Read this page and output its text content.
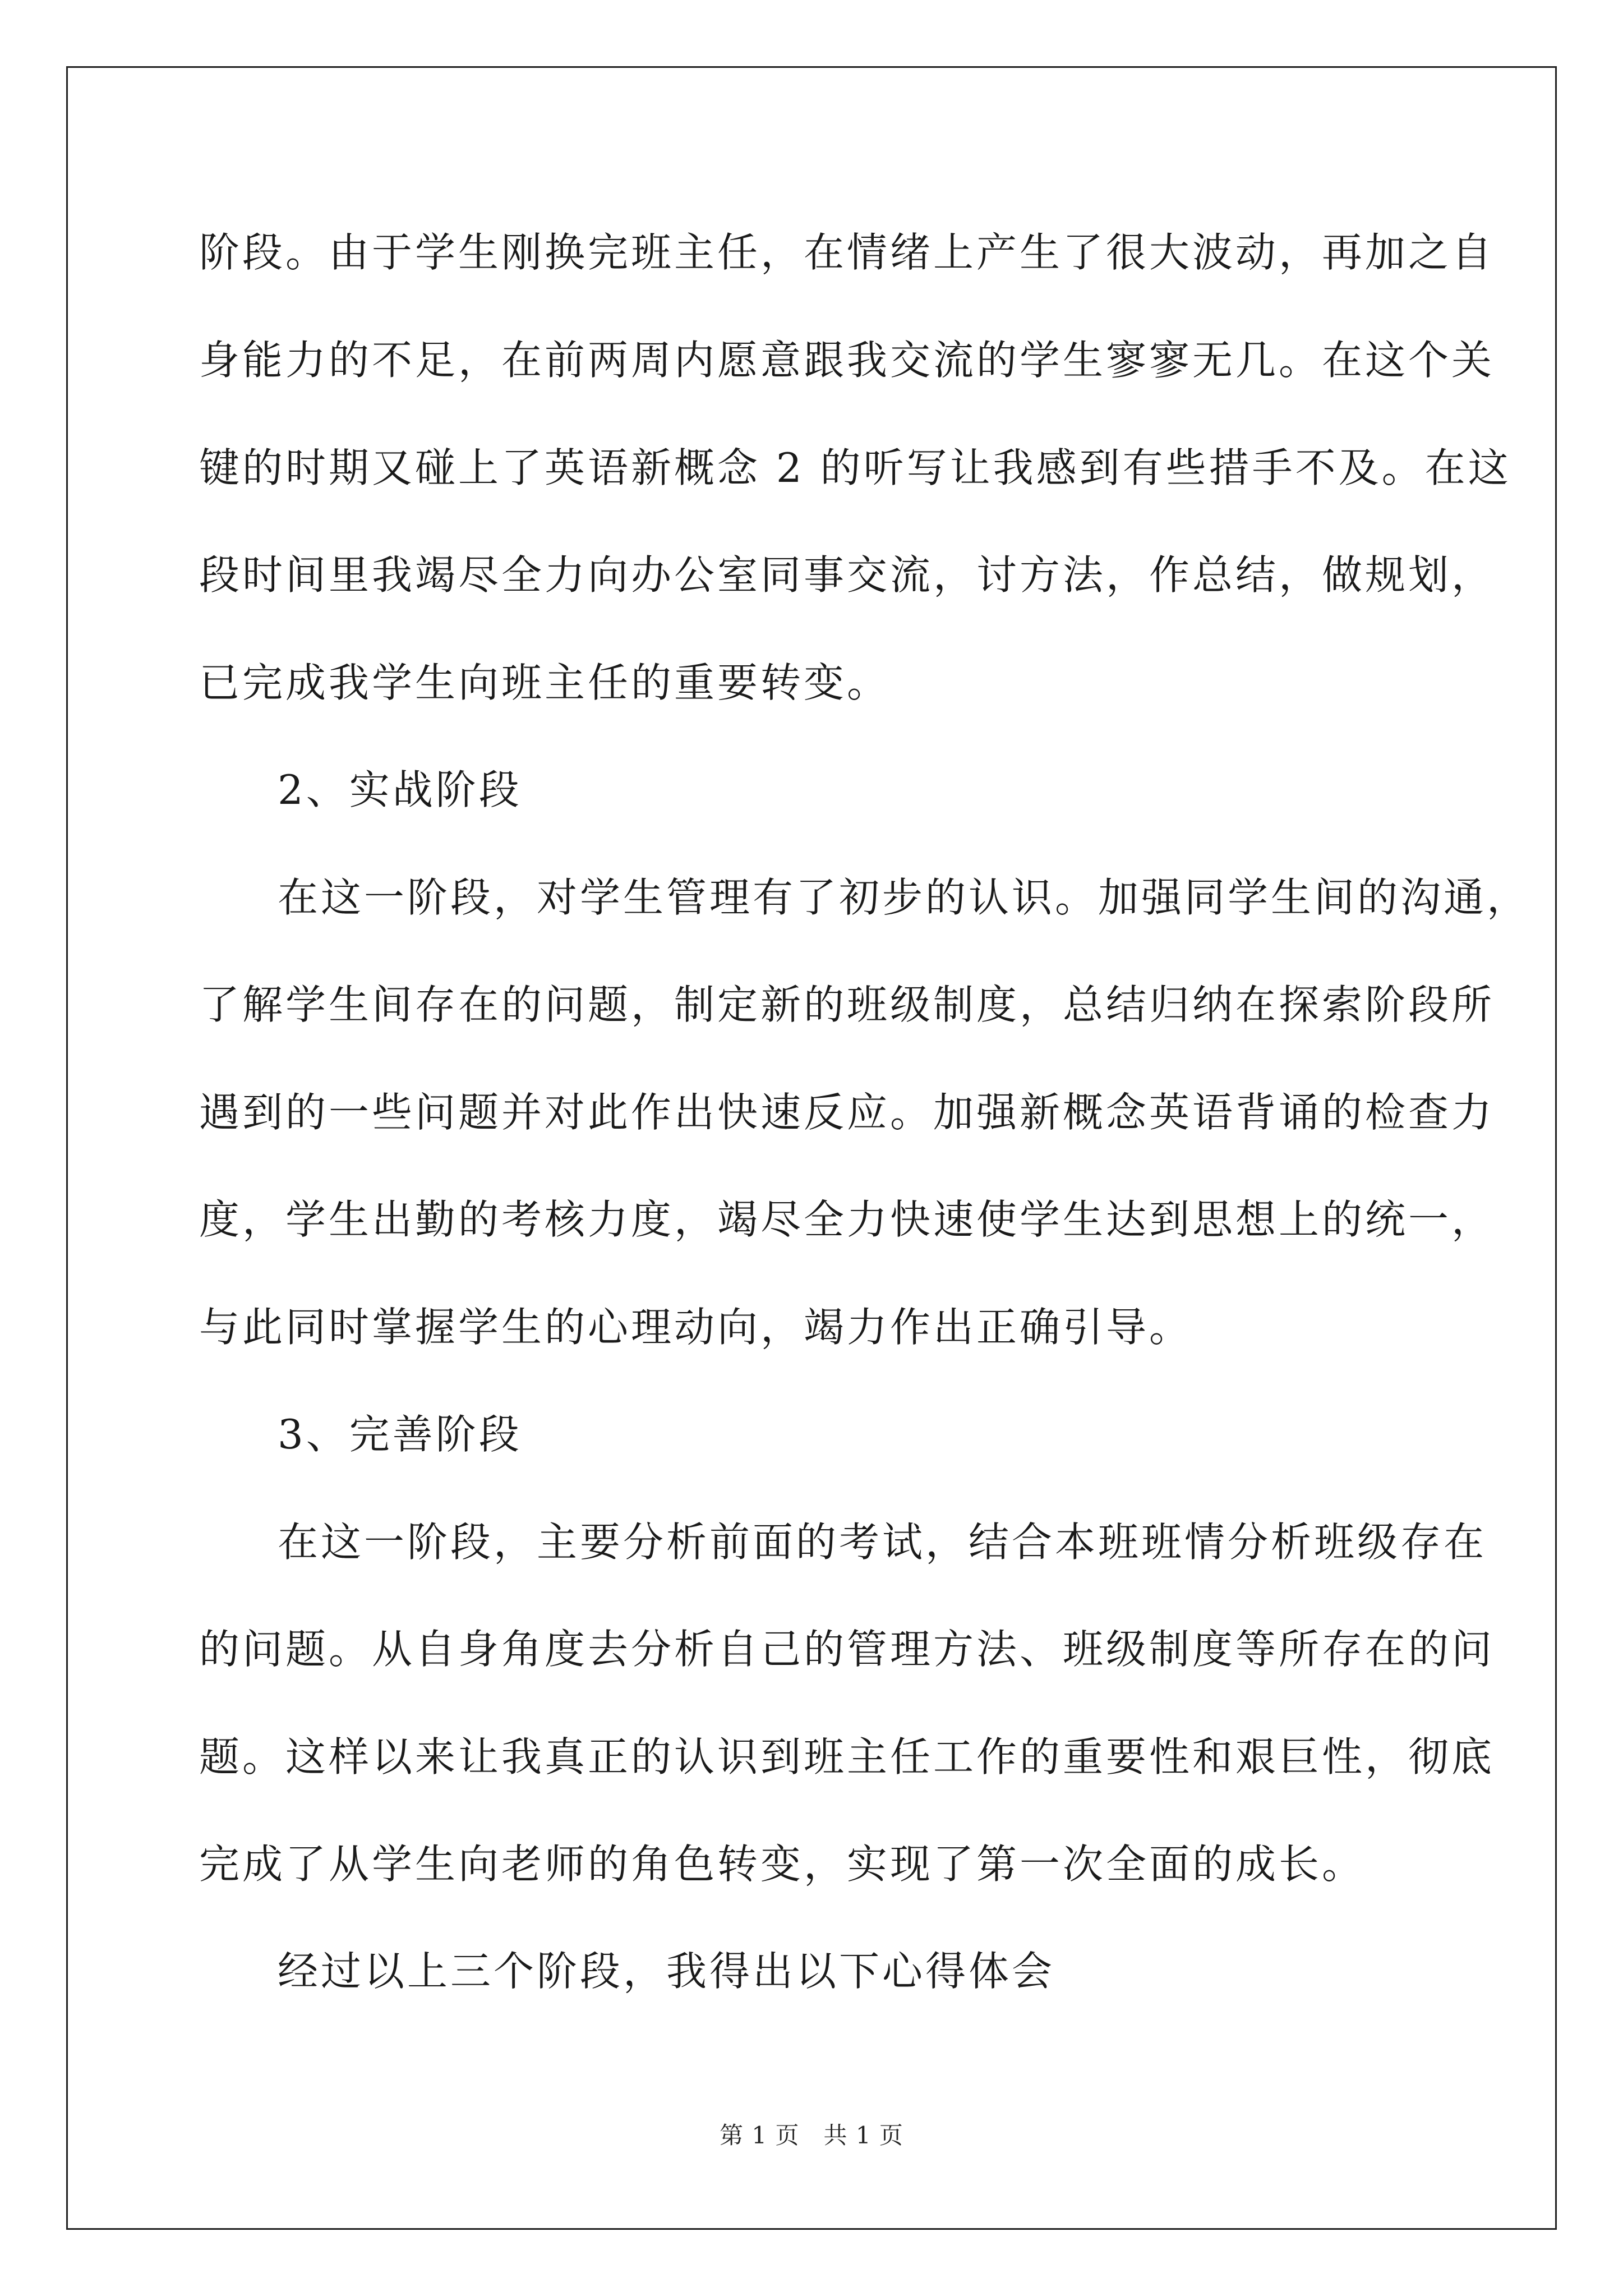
阶段。由于学生刚换完班主任，在情绪上产生了很大波动，再加之自
身能力的不足，在前两周内愿意跟我交流的学生寥寥无几。在这个关
键的时期又碰上了英语新概念 2 的听写让我感到有些措手不及。在这
段时间里我竭尽全力向办公室同事交流，讨方法，作总结，做规划，
已完成我学生向班主任的重要转变。
2、实战阶段
在这一阶段，对学生管理有了初步的认识。加强同学生间的沟通，
了解学生间存在的问题，制定新的班级制度，总结归纳在探索阶段所
遇到的一些问题并对此作出快速反应。加强新概念英语背诵的检查力
度，学生出勤的考核力度，竭尽全力快速使学生达到思想上的统一，
与此同时掌握学生的心理动向，竭力作出正确引导。
3、完善阶段
在这一阶段，主要分析前面的考试，结合本班班情分析班级存在
的问题。从自身角度去分析自己的管理方法、班级制度等所存在的问
题。这样以来让我真正的认识到班主任工作的重要性和艰巨性，彻底
完成了从学生向老师的角色转变，实现了第一次全面的成长。
经过以上三个阶段，我得出以下心得体会
第 1 页　共 1 页
